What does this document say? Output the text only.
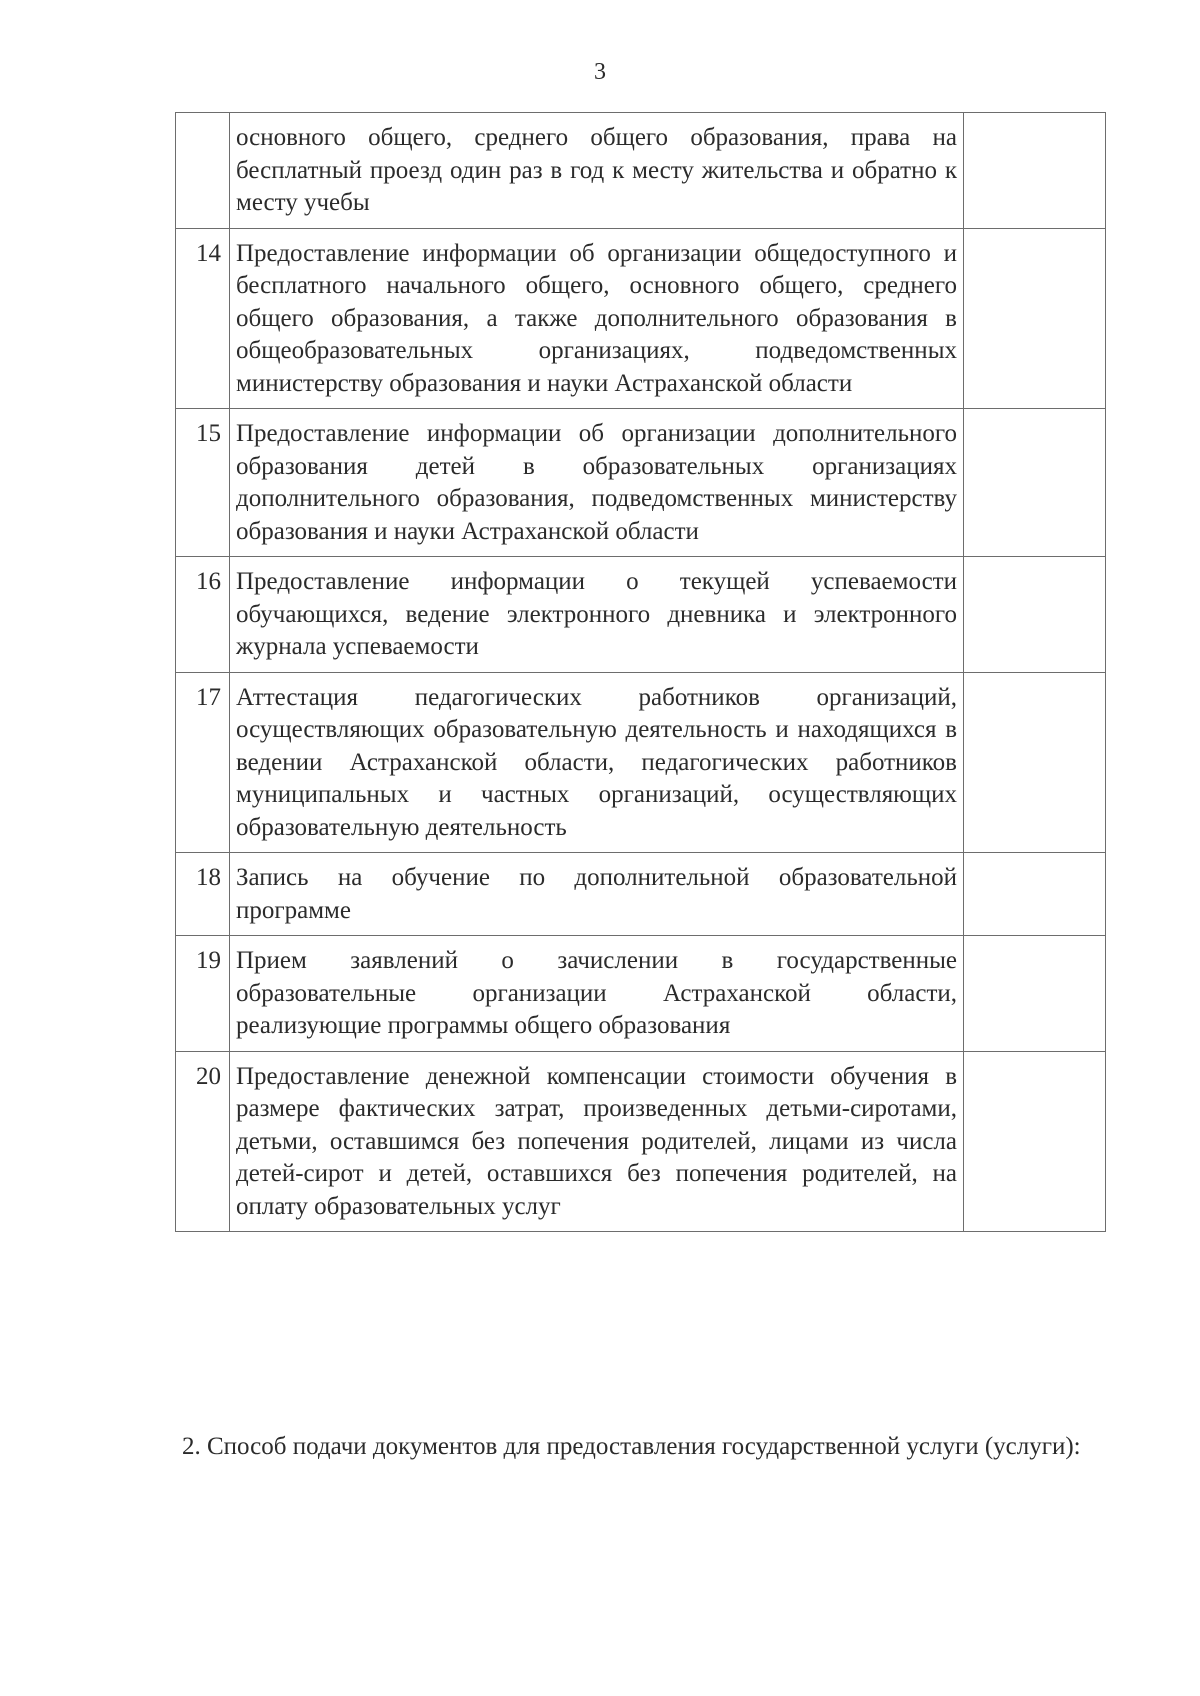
3
	основного общего, среднего общего образования, права на бесплатный проезд один раз в год к месту жительства и обратно к месту учебы	
14	Предоставление информации об организации общедоступного и бесплатного начального общего, основного общего, среднего общего образования, а также дополнительного образования в общеобразовательных организациях, подведомственных министерству образования и науки Астраханской области	
15	Предоставление информации об организации дополнительного образования детей в образовательных организациях дополнительного образования, подведомственных министерству образования и науки Астраханской области	
16	Предоставление информации о текущей успеваемости обучающихся, ведение электронного дневника и электронного журнала успеваемости	
17	Аттестация педагогических работников организаций, осуществляющих образовательную деятельность и находящихся в ведении Астраханской области, педагогических работников муниципальных и частных организаций, осуществляющих образовательную деятельность	
18	Запись на обучение по дополнительной образовательной программе	
19	Прием заявлений о зачислении в государственные образовательные организации Астраханской области, реализующие программы общего образования	
20	Предоставление денежной компенсации стоимости обучения в размере фактических затрат, произведенных детьми-сиротами, детьми, оставшимся без попечения родителей, лицами из числа детей-сирот и детей, оставшихся без попечения родителей, на оплату образовательных услуг	
2. Способ подачи документов для предоставления государственной услуги (услуги):
